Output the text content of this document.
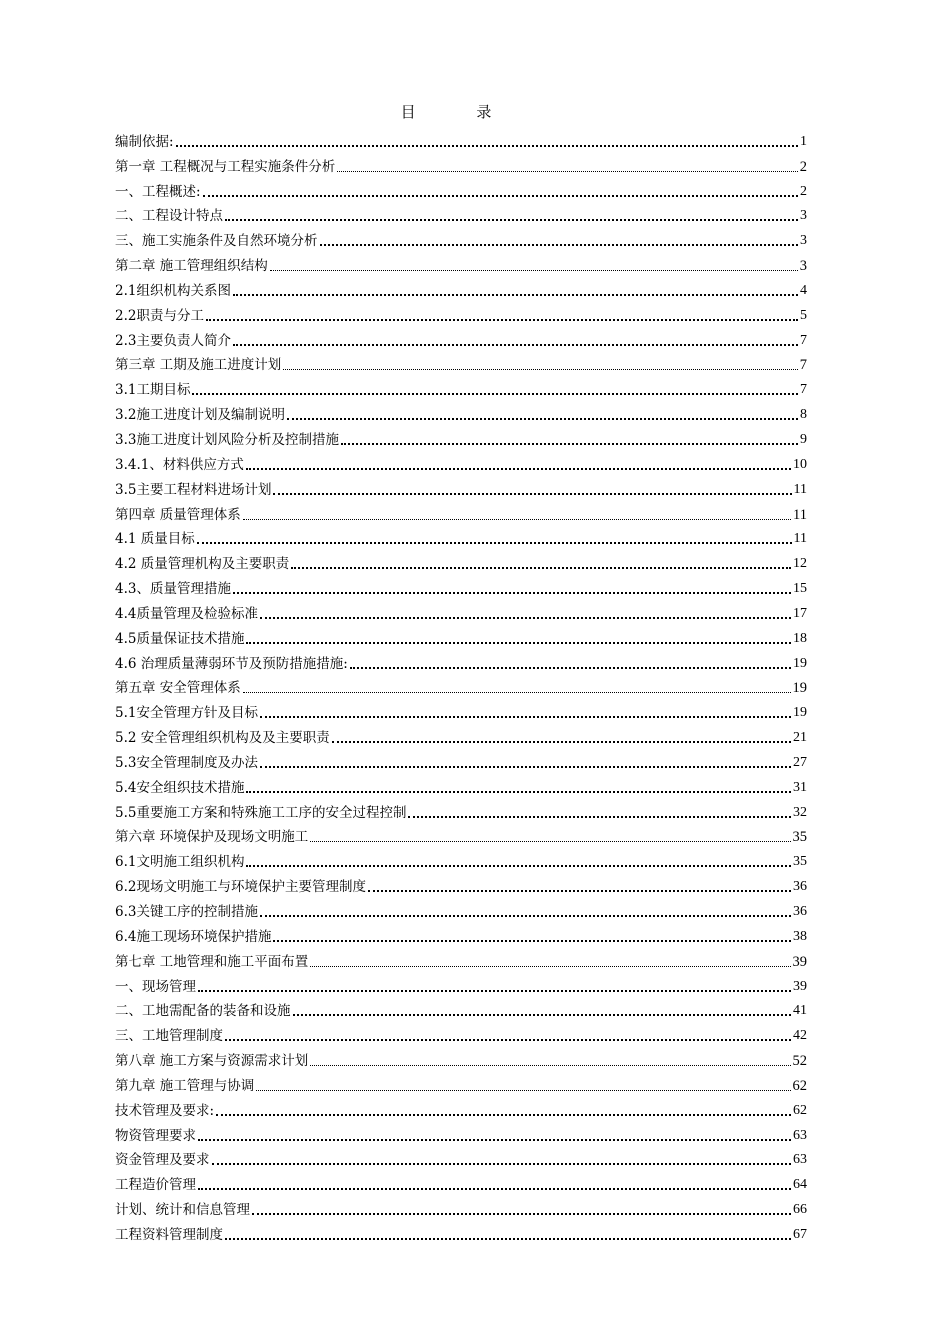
目 录
编制依据:	1
第一章 工程概况与工程实施条件分析	2
一、工程概述:	2
二、工程设计特点	3
三、施工实施条件及自然环境分析	3
第二章 施工管理组织结构	3
2.1组织机构关系图	4
2.2职责与分工	5
2.3主要负责人简介	7
第三章 工期及施工进度计划	7
3.1工期目标	7
3.2施工进度计划及编制说明	8
3.3施工进度计划风险分析及控制措施	9
3.4.1、材料供应方式	10
3.5主要工程材料进场计划	11
第四章 质量管理体系	11
4.1 质量目标	11
4.2 质量管理机构及主要职责	12
4.3、质量管理措施	15
4.4质量管理及检验标准	17
4.5质量保证技术措施	18
4.6 治理质量薄弱环节及预防措施措施:	19
第五章 安全管理体系	19
5.1安全管理方针及目标	19
5.2 安全管理组织机构及及主要职责	21
5.3安全管理制度及办法	27
5.4安全组织技术措施	31
5.5重要施工方案和特殊施工工序的安全过程控制	32
第六章 环境保护及现场文明施工	35
6.1文明施工组织机构	35
6.2现场文明施工与环境保护主要管理制度	36
6.3关键工序的控制措施	36
6.4施工现场环境保护措施	38
第七章 工地管理和施工平面布置	39
一、现场管理	39
二、工地需配备的装备和设施	41
三、工地管理制度	42
第八章 施工方案与资源需求计划	52
第九章 施工管理与协调	62
技术管理及要求:	62
物资管理要求	63
资金管理及要求	63
工程造价管理	64
计划、统计和信息管理	66
工程资料管理制度	67
